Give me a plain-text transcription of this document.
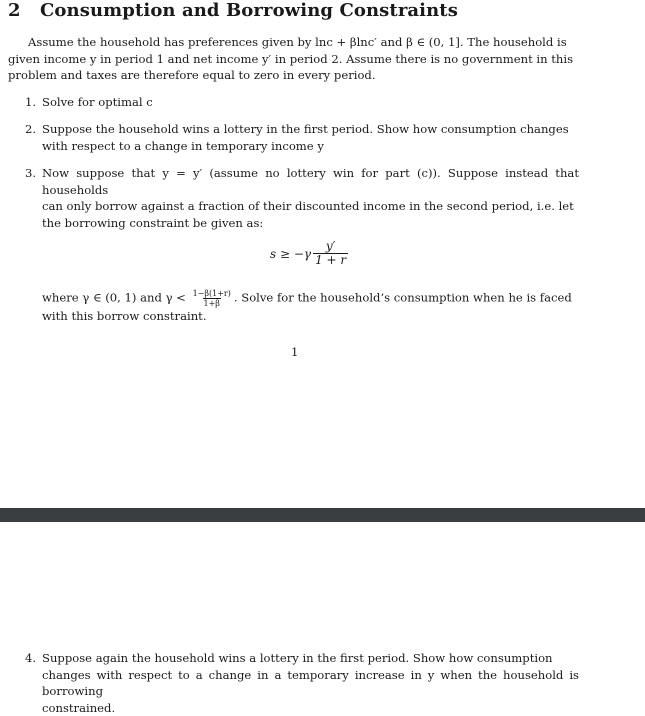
2 Consumption and Borrowing Constraints
Assume the household has preferences given by lnc + βlnc′ and β ∈ (0, 1]. The household is
given income y in period 1 and net income y′ in period 2. Assume there is no government in this
problem and taxes are therefore equal to zero in every period.
1. Solve for optimal c
2. Suppose the household wins a lottery in the first period. Show how consumption changes
with respect to a change in temporary income y
3. Now suppose that y = y′ (assume no lottery win for part (c)). Suppose instead that households
can only borrow against a fraction of their discounted income in the second period, i.e. let
the borrowing constraint be given as:
$s \ge -\gamma \frac{y'}{1 + r}$
where γ ∈ (0, 1) and $\gamma < \frac{1-\beta(1+r)}{1+\beta}$ . Solve for the household’s consumption when he is faced
with this borrow constraint.
1
4. Suppose again the household wins a lottery in the first period. Show how consumption
changes with respect to a change in a temporary increase in y when the household is borrowing
constrained.
